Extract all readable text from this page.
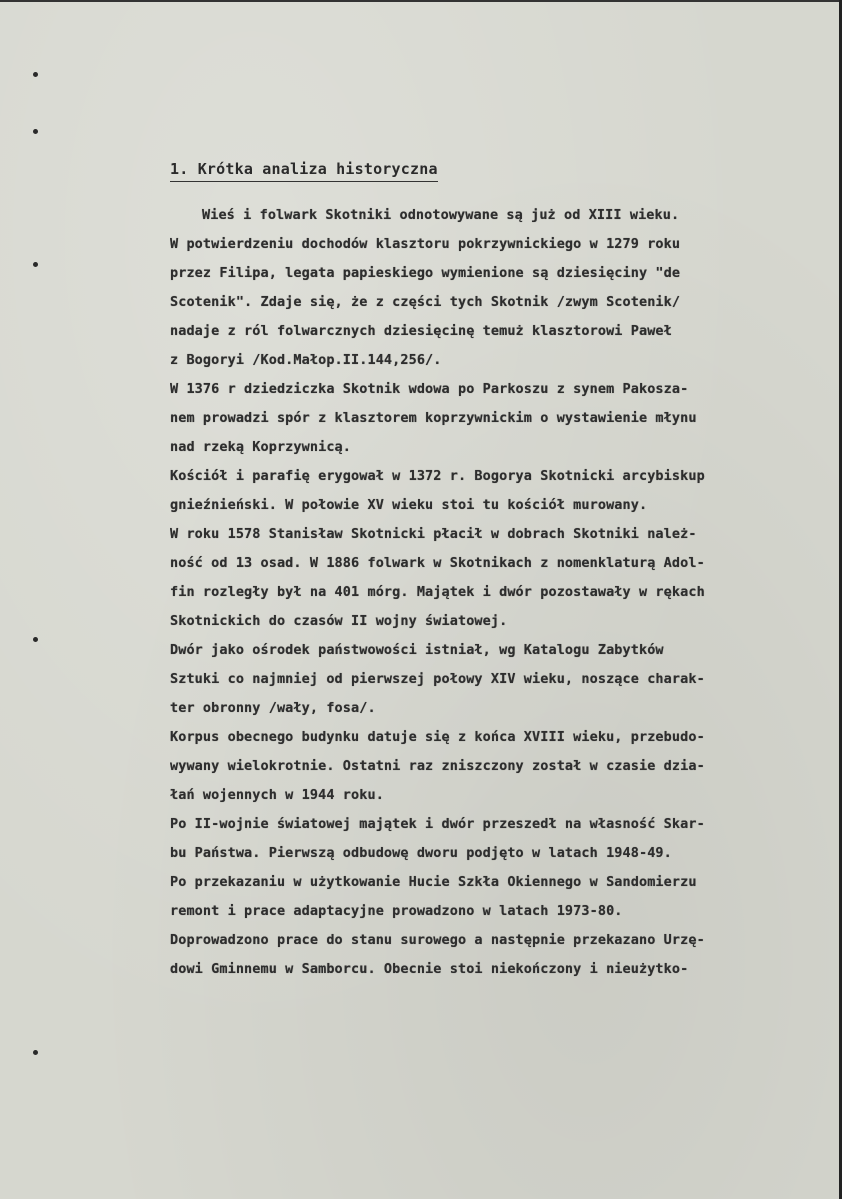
1. Krótka analiza historyczna
Wieś i folwark Skotniki odnotowywane są już od XIII wieku.
W potwierdzeniu dochodów klasztoru pokrzywnickiego w 1279 roku
przez Filipa, legata papieskiego wymienione są dziesięciny "de
Scotenik". Zdaje się, że z części tych Skotnik /zwym Scotenik/
nadaje z ról folwarcznych dziesięcinę temuż klasztorowi Paweł
z Bogoryi /Kod.Małop.II.144,256/.
W 1376 r dziedziczka Skotnik wdowa po Parkoszu z synem Pakosza-
nem prowadzi spór z klasztorem koprzywnickim o wystawienie młynu
nad rzeką Koprzywnicą.
Kościół i parafię erygował w 1372 r. Bogorya Skotnicki arcybiskup
gnieźnieński. W połowie XV wieku stoi tu kościół murowany.
W roku 1578 Stanisław Skotnicki płacił w dobrach Skotniki należ-
ność od 13 osad. W 1886 folwark w Skotnikach z nomenklaturą Adol-
fin rozległy był na 401 mórg. Majątek i dwór pozostawały w rękach
Skotnickich do czasów II wojny światowej.
Dwór jako ośrodek państwowości istniał, wg Katalogu Zabytków
Sztuki co najmniej od pierwszej połowy XIV wieku, noszące charak-
ter obronny /wały, fosa/.
Korpus obecnego budynku datuje się z końca XVIII wieku, przebudo-
wywany wielokrotnie. Ostatni raz zniszczony został w czasie dzia-
łań wojennych w 1944 roku.
Po II-wojnie światowej majątek i dwór przeszedł na własność Skar-
bu Państwa. Pierwszą odbudowę dworu podjęto w latach 1948-49.
Po przekazaniu w użytkowanie Hucie Szkła Okiennego w Sandomierzu
remont i prace adaptacyjne prowadzono w latach 1973-80.
Doprowadzono prace do stanu surowego a następnie przekazano Urzę-
dowi Gminnemu w Samborcu. Obecnie stoi niekończony i nieużytko-
